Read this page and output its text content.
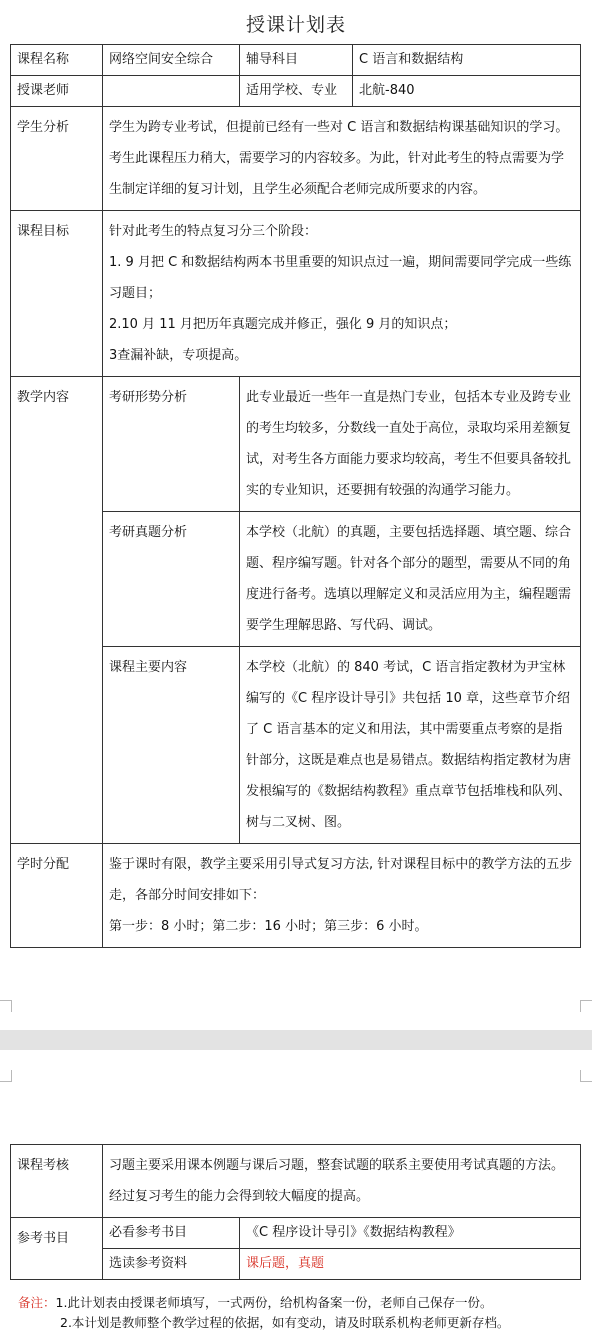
授课计划表
课程名称	网络空间安全综合	辅导科目	C 语言和数据结构
授课老师		适用学校、专业	北航-840
学生分析	学生为跨专业考试，但提前已经有一些对 C 语言和数据结构课基础知识的学习。考生此课程压力稍大，需要学习的内容较多。为此，针对此考生的特点需要为学生制定详细的复习计划，且学生必须配合老师完成所要求的内容。		
课程目标	针对此考生的特点复习分三个阶段：
1. 9 月把 C 和数据结构两本书里重要的知识点过一遍，期间需要同学完成一些练习题目；
2.10 月 11 月把历年真题完成并修正，强化 9 月的知识点；
3查漏补缺，专项提高。		

教学内容	考研形势分析	此专业最近一些年一直是热门专业，包括本专业及跨专业的考生均较多，分数线一直处于高位，录取均采用差额复试，对考生各方面能力要求均较高，考生不但要具备较扎实的专业知识，还要拥有较强的沟通学习能力。	
	考研真题分析	本学校（北航）的真题，主要包括选择题、填空题、综合题、程序编写题。针对各个部分的题型，需要从不同的角度进行备考。选填以理解定义和灵活应用为主，编程题需要学生理解思路、写代码、调试。	
	课程主要内容	本学校（北航）的 840 考试，C 语言指定教材为尹宝林编写的《C 程序设计导引》共包括 10 章，这些章节介绍了 C 语言基本的定义和用法，其中需要重点考察的是指针部分，这既是难点也是易错点。数据结构指定教材为唐发根编写的《数据结构教程》重点章节包括堆栈和队列、树与二叉树、图。	
学时分配	鉴于课时有限，教学主要采用引导式复习方法, 针对课程目标中的教学方法的五步走，各部分时间安排如下：
第一步：8 小时；第二步：16 小时；第三步：6 小时。		
课程考核	习题主要采用课本例题与课后习题，整套试题的联系主要使用考试真题的方法。经过复习考生的能力会得到较大幅度的提高。	
参考书目	必看参考书目	《C 程序设计导引》《数据结构教程》
	选读参考资料	课后题，真题
备注：1.此计划表由授课老师填写，一式两份，给机构备案一份，老师自己保存一份。
2.本计划是教师整个教学过程的依据，如有变动，请及时联系机构老师更新存档。
